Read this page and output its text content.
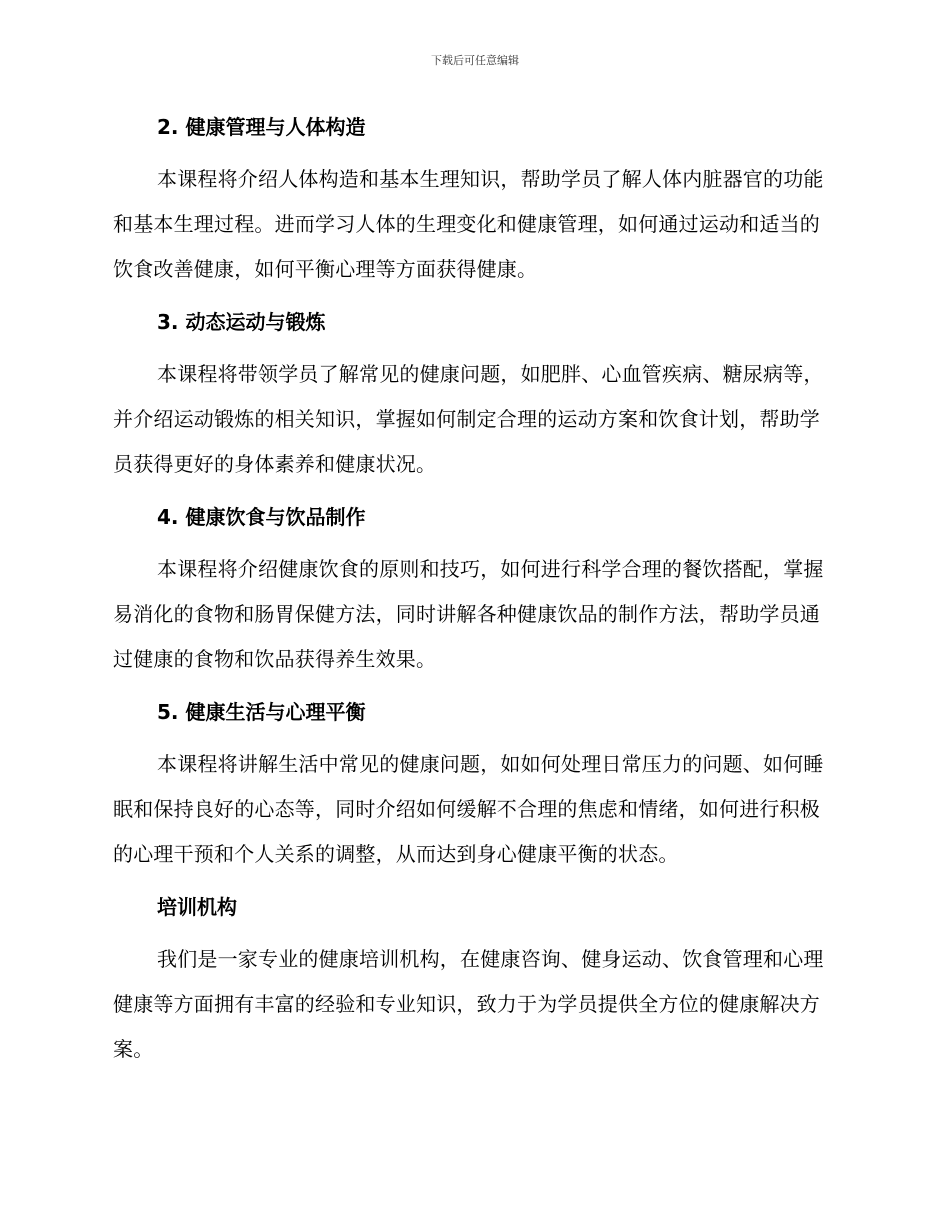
下载后可任意编辑

2. 健康管理与人体构造

本课程将介绍人体构造和基本生理知识，帮助学员了解人体内脏器官的功能和基本生理过程。进而学习人体的生理变化和健康管理，如何通过运动和适当的饮食改善健康，如何平衡心理等方面获得健康。

3. 动态运动与锻炼

本课程将带领学员了解常见的健康问题，如肥胖、心血管疾病、糖尿病等，并介绍运动锻炼的相关知识，掌握如何制定合理的运动方案和饮食计划，帮助学员获得更好的身体素养和健康状况。

4. 健康饮食与饮品制作

本课程将介绍健康饮食的原则和技巧，如何进行科学合理的餐饮搭配，掌握易消化的食物和肠胃保健方法，同时讲解各种健康饮品的制作方法，帮助学员通过健康的食物和饮品获得养生效果。

5. 健康生活与心理平衡

本课程将讲解生活中常见的健康问题，如如何处理日常压力的问题、如何睡眠和保持良好的心态等，同时介绍如何缓解不合理的焦虑和情绪，如何进行积极的心理干预和个人关系的调整，从而达到身心健康平衡的状态。

培训机构

我们是一家专业的健康培训机构，在健康咨询、健身运动、饮食管理和心理健康等方面拥有丰富的经验和专业知识，致力于为学员提供全方位的健康解决方案。
